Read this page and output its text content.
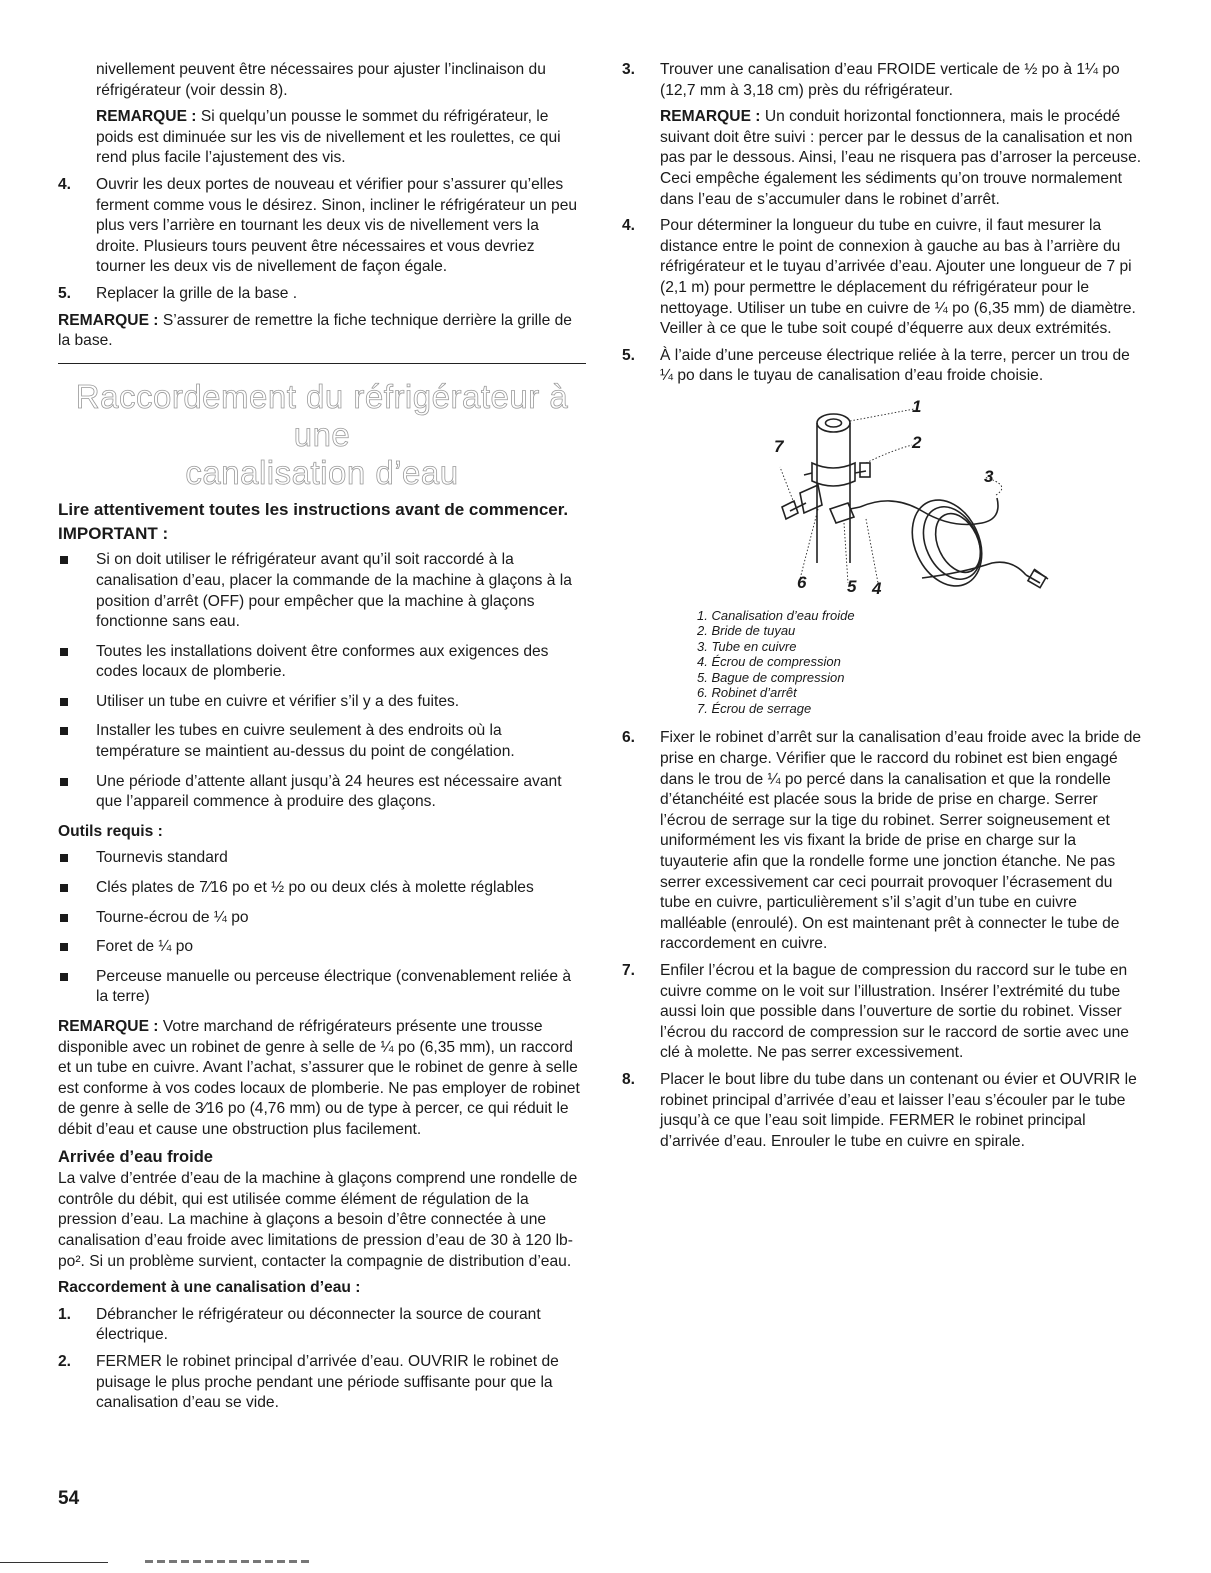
nivellement peuvent être nécessaires pour ajuster l’inclinaison du réfrigérateur (voir dessin 8).

REMARQUE : Si quelqu’un pousse le sommet du réfrigérateur, le poids est diminuée sur les vis de nivellement et les roulettes, ce qui rend plus facile l’ajustement des vis.

4. Ouvrir les deux portes de nouveau et vérifier pour s’assurer qu’elles ferment comme vous le désirez. Sinon, incliner le réfrigérateur un peu plus vers l’arrière en tournant les deux vis de nivellement vers la droite. Plusieurs tours peuvent être nécessaires et vous devriez tourner les deux vis de nivellement de façon égale.
5. Replacer la grille de la base .

REMARQUE : S’assurer de remettre la fiche technique derrière la grille de la base.

Raccordement du réfrigérateur à une
canalisation d’eau

Lire attentivement toutes les instructions avant de commencer.

IMPORTANT :

Si on doit utiliser le réfrigérateur avant qu’il soit raccordé à la canalisation d’eau, placer la commande de la machine à glaçons à la position d’arrêt (OFF) pour empêcher que la machine à glaçons fonctionne sans eau.
Toutes les installations doivent être conformes aux exigences des codes locaux de plomberie.
Utiliser un tube en cuivre et vérifier s’il y a des fuites.
Installer les tubes en cuivre seulement à des endroits où la température se maintient au-dessus du point de congélation.
Une période d’attente allant jusqu’à 24 heures est nécessaire avant que l’appareil commence à produire des glaçons.

Outils requis :

Tournevis standard
Clés plates de 7⁄16 po et ½ po ou deux clés à molette réglables
Tourne-écrou de ¼ po
Foret de ¼ po
Perceuse manuelle ou perceuse électrique (convenablement reliée à la terre)

REMARQUE : Votre marchand de réfrigérateurs présente une trousse disponible avec un robinet de genre à selle de ¼ po (6,35 mm), un raccord et un tube en cuivre. Avant l’achat, s’assurer que le robinet de genre à selle est conforme à vos codes locaux de plomberie. Ne pas employer de robinet de genre à selle de 3⁄16 po (4,76 mm) ou de type à percer, ce qui réduit le débit d’eau et cause une obstruction plus facilement.

Arrivée d’eau froide

La valve d’entrée d’eau de la machine à glaçons comprend une rondelle de contrôle du débit, qui est utilisée comme élément de régulation de la pression d’eau. La machine à glaçons a besoin d’être connectée à une canalisation d’eau froide avec limitations de pression d’eau de 30 à 120 lb-po². Si un problème survient, contacter la compagnie de distribution d’eau.

Raccordement à une canalisation d’eau :

1. Débrancher le réfrigérateur ou déconnecter la source de courant électrique.
2. FERMER le robinet principal d’arrivée d’eau. OUVRIR le robinet de puisage le plus proche pendant une période suffisante pour que la canalisation d’eau se vide.
3. Trouver une canalisation d’eau FROIDE verticale de ½ po à 1¼ po (12,7 mm à 3,18 cm) près du réfrigérateur.

REMARQUE : Un conduit horizontal fonctionnera, mais le procédé suivant doit être suivi : percer par le dessus de la canalisation et non pas par le dessous. Ainsi, l’eau ne risquera pas d’arroser la perceuse. Ceci empêche également les sédiments qu’on trouve normalement dans l’eau de s’accumuler dans le robinet d’arrêt.

4. Pour déterminer la longueur du tube en cuivre, il faut mesurer la distance entre le point de connexion à gauche au bas à l’arrière du réfrigérateur et le tuyau d’arrivée d’eau. Ajouter une longueur de 7 pi (2,1 m) pour permettre le déplacement du réfrigérateur pour le nettoyage. Utiliser un tube en cuivre de ¼ po (6,35 mm) de diamètre. Veiller à ce que le tube soit coupé d’équerre aux deux extrémités.
5. À l’aide d’une perceuse électrique reliée à la terre, percer un trou de ¼ po dans le tuyau de canalisation d’eau froide choisie.
1
2
3
4
5
6
7
1. Canalisation d’eau froide
2. Bride de tuyau
3. Tube en cuivre
4. Écrou de compression
5. Bague de compression
6. Robinet d’arrêt
7. Écrou de serrage
6. Fixer le robinet d’arrêt sur la canalisation d’eau froide avec la bride de prise en charge. Vérifier que le raccord du robinet est bien engagé dans le trou de ¼ po percé dans la canalisation et que la rondelle d’étanchéité est placée sous la bride de prise en charge. Serrer l’écrou de serrage sur la tige du robinet. Serrer soigneusement et uniformément les vis fixant la bride de prise en charge sur la tuyauterie afin que la rondelle forme une jonction étanche. Ne pas serrer excessivement car ceci pourrait provoquer l’écrasement du tube en cuivre, particulièrement s’il s’agit d’un tube en cuivre malléable (enroulé). On est maintenant prêt à connecter le tube de raccordement en cuivre.
7. Enfiler l’écrou et la bague de compression du raccord sur le tube en cuivre comme on le voit sur l’illustration. Insérer l’extrémité du tube aussi loin que possible dans l’ouverture de sortie du robinet. Visser l’écrou du raccord de compression sur le raccord de sortie avec une clé à molette. Ne pas serrer excessivement.
8. Placer le bout libre du tube dans un contenant ou évier et OUVRIR le robinet principal d’arrivée d’eau et laisser l’eau s’écouler par le tube jusqu’à ce que l’eau soit limpide. FERMER le robinet principal d’arrivée d’eau. Enrouler le tube en cuivre en spirale.
54
